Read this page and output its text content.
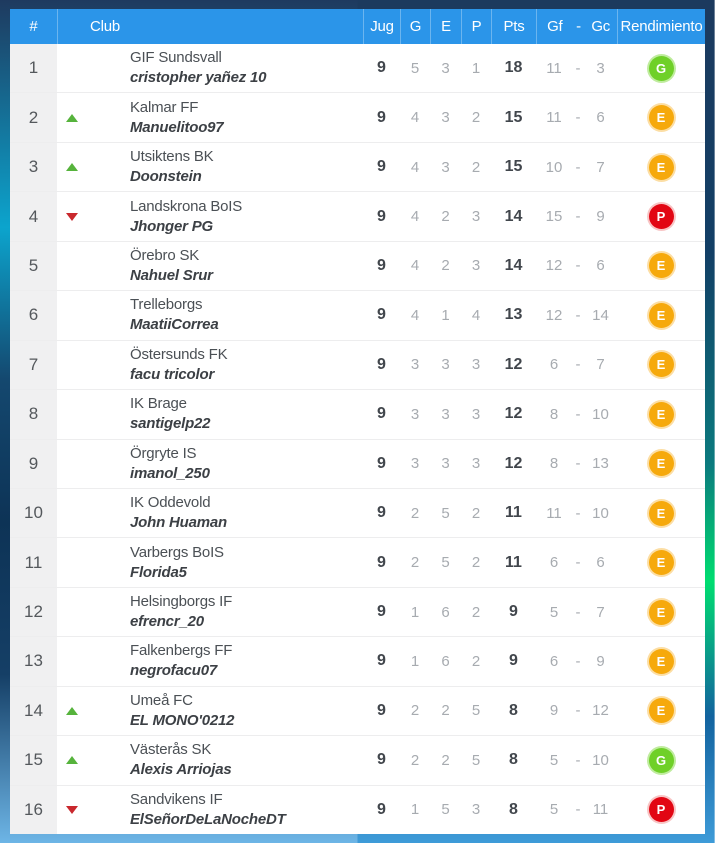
#	Club	Jug G E P Pts	Gf - Gc Rendimiento
1
GIF Sundsvall
cristopher yañez 10
9 5 3 1 18	11 -	3	G
2
Kalmar FF
Manuelitoo97
9 4 3 2 15	11 -	6	E
3
Utsiktens BK
Doonstein
9 4 3 2 15	10 -	7	E
4
Landskrona BoIS
Jhonger PG
9 4 2 3 14	15 -	9	P
5
Örebro SK
Nahuel Srur
9 4 2 3 14	12 -	6	E
6
Trelleborgs
MaatiiCorrea
9 4 1 4 13	12 - 14	E
7
Östersunds FK
facu tricolor
9 3 3 3 12	6	-	7	E
8
IK Brage
santigelp22
9 3 3 3 12	8	- 10	E
9
Örgryte IS
imanol_250
9 3 3 3 12	8	- 13	E
10
IK Oddevold
John Huaman
9 2 5 2 11	11 - 10	E
11
Varbergs BoIS
Florida5
9 2 5 2 11	6	-	6	E
12
Helsingborgs IF
efrencr_20
9 1 6 2 9	5	-	7	E
13
Falkenbergs FF
negrofacu07
9 1 6 2 9	6	-	9	E
14
Umeå FC
EL MONO'0212
9 2 2 5 8	9	- 12	E
15
Västerås SK
Alexis Arriojas
9 2 2 5 8	5	- 10	G
16
Sandvikens IF
ElSeñorDeLaNocheDT
9 1 5 3 8	5	- 11	P
